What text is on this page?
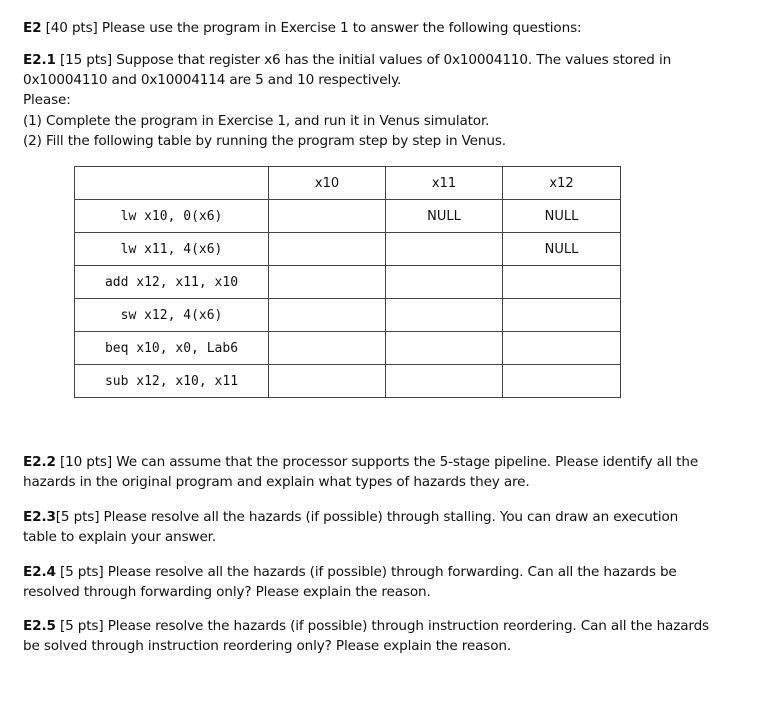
E2 [40 pts] Please use the program in Exercise 1 to answer the following questions:
E2.1 [15 pts] Suppose that register x6 has the initial values of 0x10004110. The values stored in
0x10004110 and 0x10004114 are 5 and 10 respectively.
Please:
(1) Complete the program in Exercise 1, and run it in Venus simulator.
(2) Fill the following table by running the program step by step in Venus.
	x10	x11	x12
lw x10, 0(x6)		NULL	NULL
lw x11, 4(x6)			NULL
add x12, x11, x10			
sw x12, 4(x6)			
beq x10, x0, Lab6			
sub x12, x10, x11			
E2.2 [10 pts] We can assume that the processor supports the 5-stage pipeline. Please identify all the
hazards in the original program and explain what types of hazards they are.
E2.3[5 pts] Please resolve all the hazards (if possible) through stalling. You can draw an execution
table to explain your answer.
E2.4 [5 pts] Please resolve all the hazards (if possible) through forwarding. Can all the hazards be
resolved through forwarding only? Please explain the reason.
E2.5 [5 pts] Please resolve the hazards (if possible) through instruction reordering. Can all the hazards
be solved through instruction reordering only? Please explain the reason.
